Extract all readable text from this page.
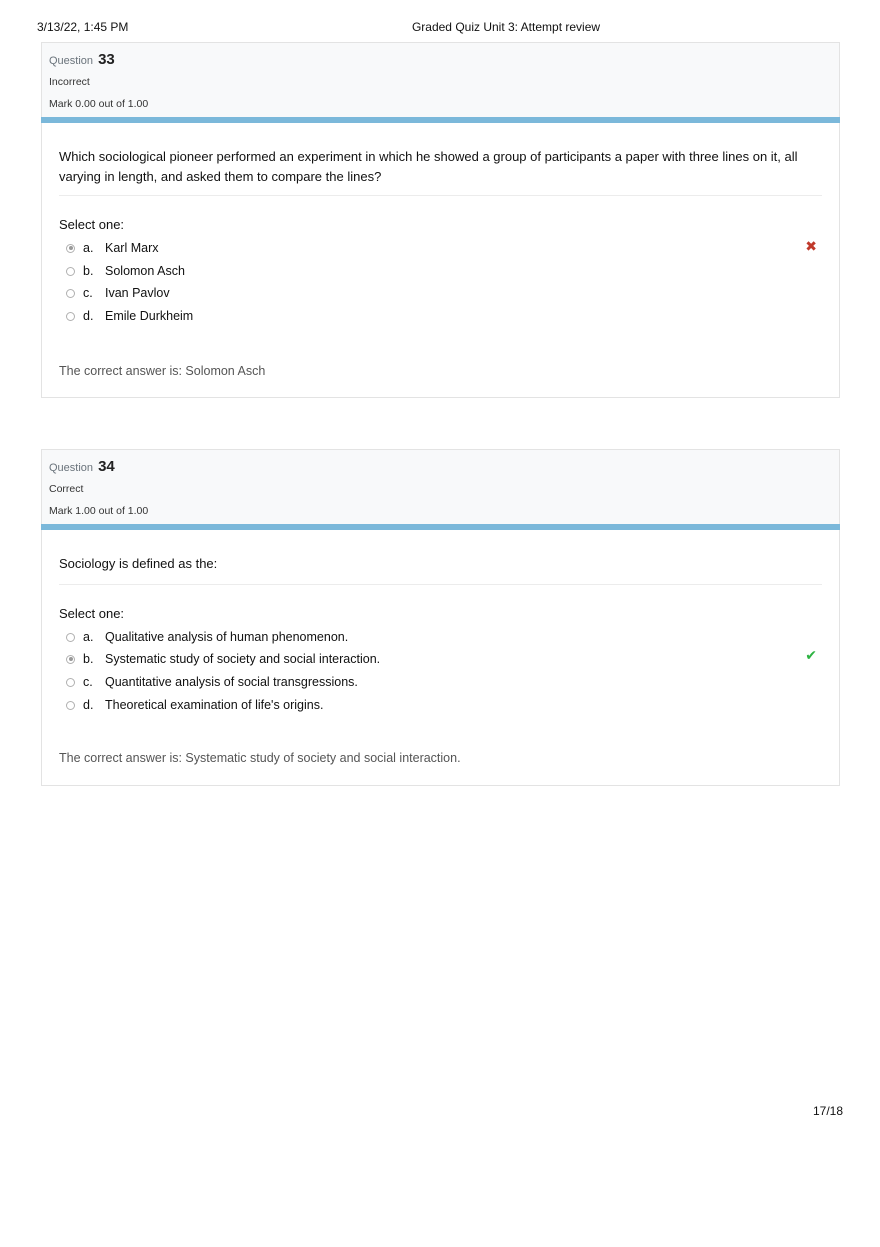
3/13/22, 1:45 PM	Graded Quiz Unit 3: Attempt review
Question 33
Incorrect
Mark 0.00 out of 1.00
Which sociological pioneer performed an experiment in which he showed a group of participants a paper with three lines on it, all varying in length, and asked them to compare the lines?
Select one:
a. Karl Marx
b. Solomon Asch
c. Ivan Pavlov
d. Emile Durkheim
✖
The correct answer is: Solomon Asch
Question 34
Correct
Mark 1.00 out of 1.00
Sociology is defined as the:
Select one:
a. Qualitative analysis of human phenomenon.
b. Systematic study of society and social interaction.
c. Quantitative analysis of social transgressions.
d. Theoretical examination of life's origins.
✔
The correct answer is: Systematic study of society and social interaction.
17/18
